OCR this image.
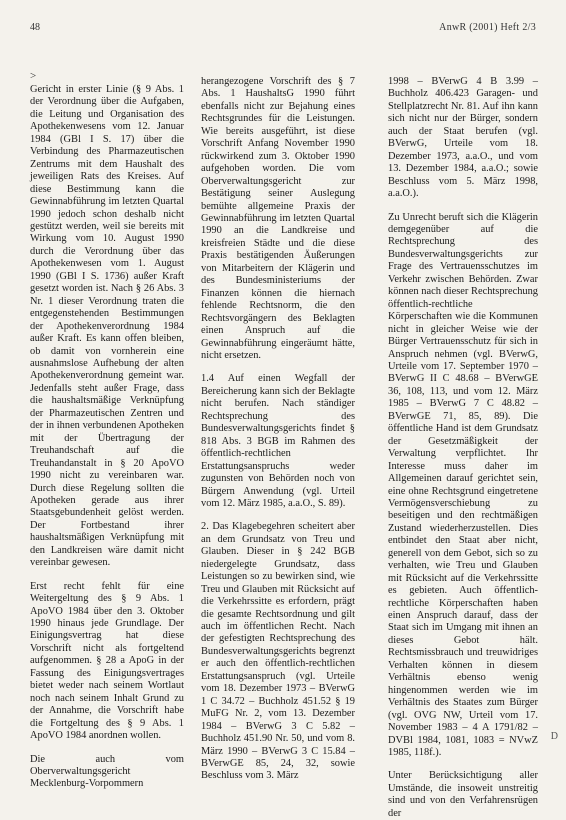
48	AnwR (2001) Heft 2/3
>

Gericht in erster Linie (§ 9 Abs. 1 der Verordnung über die Aufgaben, die Leitung und Organisation des Apothekenwesens vom 12. Januar 1984 (GBl I S. 17) über die Verbindung des Pharmazeutischen Zentrums mit dem Haushalt des jeweiligen Rats des Kreises. Auf diese Bestimmung kann die Gewinnabführung im letzten Quartal 1990 jedoch schon deshalb nicht gestützt werden, weil sie bereits mit Wirkung vom 10. August 1990 durch die Verordnung über das Apothekenwesen vom 1. August 1990 (GBl I S. 1736) außer Kraft gesetzt worden ist. Nach § 26 Abs. 3 Nr. 1 dieser Verordnung traten die entgegenstehenden Bestimmungen der Apothekenverordnung 1984 außer Kraft. Es kann offen bleiben, ob damit von vornherein eine ausnahmslose Aufhebung der alten Apothekenverordnung gemeint war. Jedenfalls steht außer Frage, dass die haushaltsmäßige Verknüpfung der Pharmazeutischen Zentren und der in ihnen verbundenen Apotheken mit der Übertragung der Treuhandschaft auf die Treuhandanstalt in § 20 ApoVO 1990 nicht zu vereinbaren war. Durch diese Regelung sollten die Apotheken gerade aus ihrer Staatsgebundenheit gelöst werden. Der Fortbestand ihrer haushaltsmäßigen Verknüpfung mit den Landkreisen wäre damit nicht vereinbar gewesen.

Erst recht fehlt für eine Weitergeltung des § 9 Abs. 1 ApoVO 1984 über den 3. Oktober 1990 hinaus jede Grundlage. Der Einigungsvertrag hat diese Vorschrift nicht als fortgeltend aufgenommen. § 28 a ApoG in der Fassung des Einigungsvertrages bietet weder nach seinem Wortlaut noch nach seinem Inhalt Grund zu der Annahme, die Vorschrift habe die Fortgeltung des § 9 Abs. 1 ApoVO 1984 anordnen wollen.

Die auch vom Oberverwaltungsgericht Mecklenburg-Vorpommern

herangezogene Vorschrift des § 7 Abs. 1 HaushaltsG 1990 führt ebenfalls nicht zur Bejahung eines Rechtsgrundes für die Leistungen. Wie bereits ausgeführt, ist diese Vorschrift Anfang November 1990 rückwirkend zum 3. Oktober 1990 aufgehoben worden. Die vom Oberverwaltungsgericht zur Bestätigung seiner Auslegung bemühte allgemeine Praxis der Gewinnabführung im letzten Quartal 1990 an die Landkreise und kreisfreien Städte und die diese Praxis bestätigenden Äußerungen von Mitarbeitern der Klägerin und des Bundesministeriums der Finanzen können die hiernach fehlende Rechtsnorm, die den Rechtsvorgängern des Beklagten einen Anspruch auf die Gewinnabführung eingeräumt hätte, nicht ersetzen.

1.4 Auf einen Wegfall der Bereicherung kann sich der Beklagte nicht berufen. Nach ständiger Rechtsprechung des Bundesverwaltungsgerichts findet § 818 Abs. 3 BGB im Rahmen des öffentlich-rechtlichen Erstattungsanspruchs weder zugunsten von Behörden noch von Bürgern Anwendung (vgl. Urteil vom 12. März 1985, a.a.O., S. 89).

2. Das Klagebegehren scheitert aber an dem Grundsatz von Treu und Glauben. Dieser in § 242 BGB niedergelegte Grundsatz, dass Leistungen so zu bewirken sind, wie Treu und Glauben mit Rücksicht auf die Verkehrssitte es erfordern, prägt die gesamte Rechtsordnung und gilt auch im öffentlichen Recht. Nach der gefestigten Rechtsprechung des Bundesverwaltungsgerichts begrenzt er auch den öffentlich-rechtlichen Erstattungsanspruch (vgl. Urteile vom 18. Dezember 1973 – BVerwG 1 C 34.72 – Buchholz 451.52 § 19 MuFG Nr. 2, vom 13. Dezember 1984 – BVerwG 3 C 5.82 – Buchholz 451.90 Nr. 50, und vom 8. März 1990 – BVerwG 3 C 15.84 – BVerwGE 85, 24, 32, sowie Beschluss vom 3. März

1998 – BVerwG 4 B 3.99 – Buchholz 406.423 Garagen- und Stellplatzrecht Nr. 81. Auf ihn kann sich nicht nur der Bürger, sondern auch der Staat berufen (vgl. BVerwG, Urteile vom 18. Dezember 1973, a.a.O., und vom 13. Dezember 1984, a.a.O.; sowie Beschluss vom 5. März 1998, a.a.O.).

Zu Unrecht beruft sich die Klägerin demgegenüber auf die Rechtsprechung des Bundesverwaltungsgerichts zur Frage des Vertrauensschutzes im Verkehr zwischen Behörden. Zwar können nach dieser Rechtsprechung öffentlich-rechtliche Körperschaften wie die Kommunen nicht in gleicher Weise wie der Bürger Vertrauensschutz für sich in Anspruch nehmen (vgl. BVerwG, Urteile vom 17. September 1970 – BVerwG II C 48.68 – BVerwGE 36, 108, 113, und vom 12. März 1985 – BVerwG 7 C 48.82 – BVerwGE 71, 85, 89). Die öffentliche Hand ist dem Grundsatz der Gesetzmäßigkeit der Verwaltung verpflichtet. Ihr Interesse muss daher im Allgemeinen darauf gerichtet sein, eine ohne Rechtsgrund eingetretene Vermögensverschiebung zu beseitigen und den rechtmäßigen Zustand wiederherzustellen. Dies entbindet den Staat aber nicht, generell von dem Gebot, sich so zu verhalten, wie Treu und Glauben mit Rücksicht auf die Verkehrssitte es gebieten. Auch öffentlich-rechtliche Körperschaften haben einen Anspruch darauf, dass der Staat sich im Umgang mit ihnen an dieses Gebot hält. Rechtsmissbrauch und treuwidriges Verhalten können in diesem Verhältnis ebenso wenig hingenommen werden wie im Verhältnis des Staates zum Bürger (vgl. OVG NW, Urteil vom 17. November 1983 – 4 A 1791/82 – DVBl 1984, 1081, 1083 = NVwZ 1985, 118f.).

Unter Berücksichtigung aller Umstände, die insoweit unstreitig sind und von den Verfahrensrügen der

D
